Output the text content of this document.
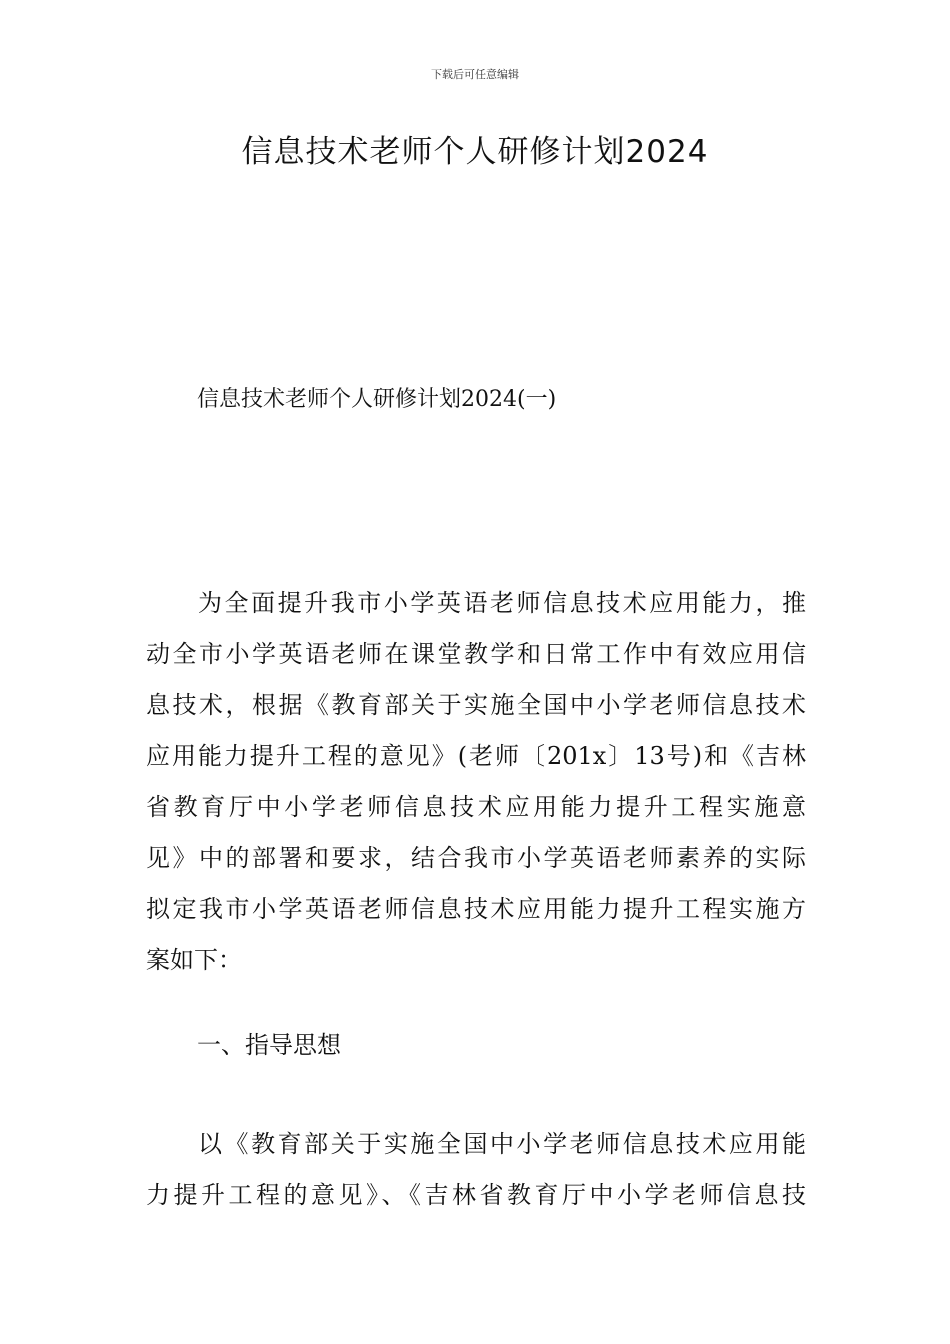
下载后可任意编辑
信息技术老师个人研修计划2024
信息技术老师个人研修计划2024(一)
为全面提升我市小学英语老师信息技术应用能力，推
动全市小学英语老师在课堂教学和日常工作中有效应用信
息技术，根据《教育部关于实施全国中小学老师信息技术
应用能力提升工程的意见》(老师〔201x〕13号)和《吉林
省教育厅中小学老师信息技术应用能力提升工程实施意
见》中的部署和要求，结合我市小学英语老师素养的实际
拟定我市小学英语老师信息技术应用能力提升工程实施方
案如下：
一、指导思想
以《教育部关于实施全国中小学老师信息技术应用能
力提升工程的意见》、《吉林省教育厅中小学老师信息技
